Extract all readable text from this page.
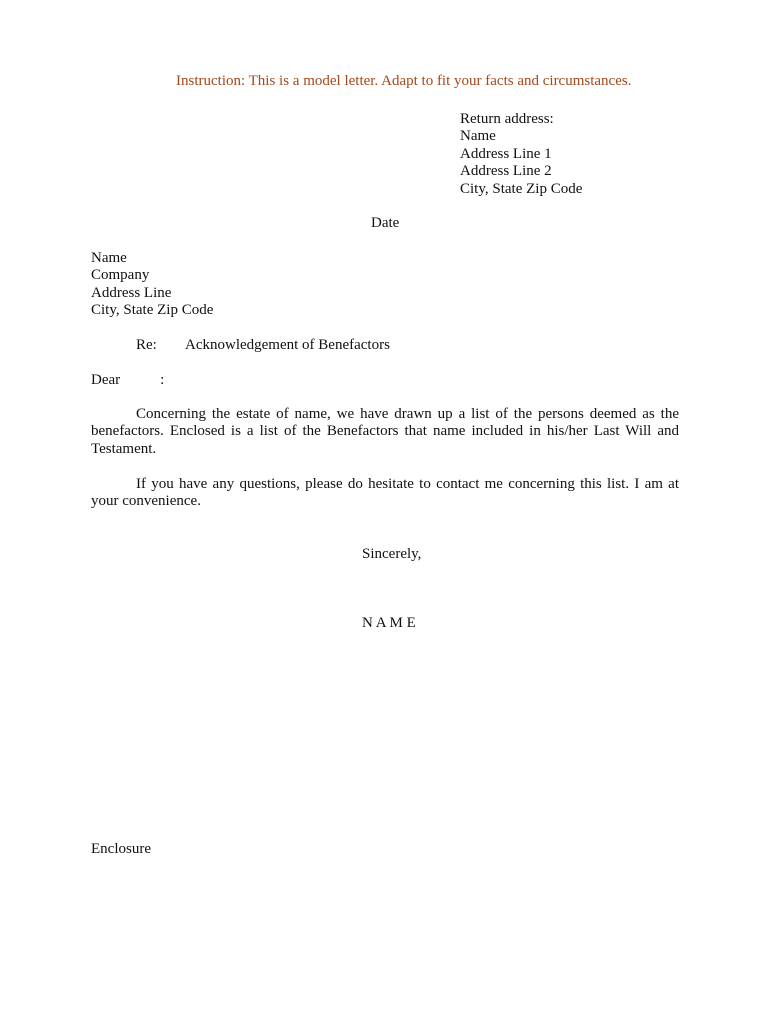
Instruction: This is a model letter. Adapt to fit your facts and circumstances.
Return address:
Name
Address Line 1
Address Line 2
City, State Zip Code
Date
Name
Company
Address Line
City, State Zip Code
Re: Acknowledgement of Benefactors
Dear	:
Concerning the estate of name, we have drawn up a list of the persons deemed as the benefactors. Enclosed is a list of the Benefactors that name included in his/her Last Will and Testament.
If you have any questions, please do hesitate to contact me concerning this list. I am at your convenience.
Sincerely,
N A M E
Enclosure
